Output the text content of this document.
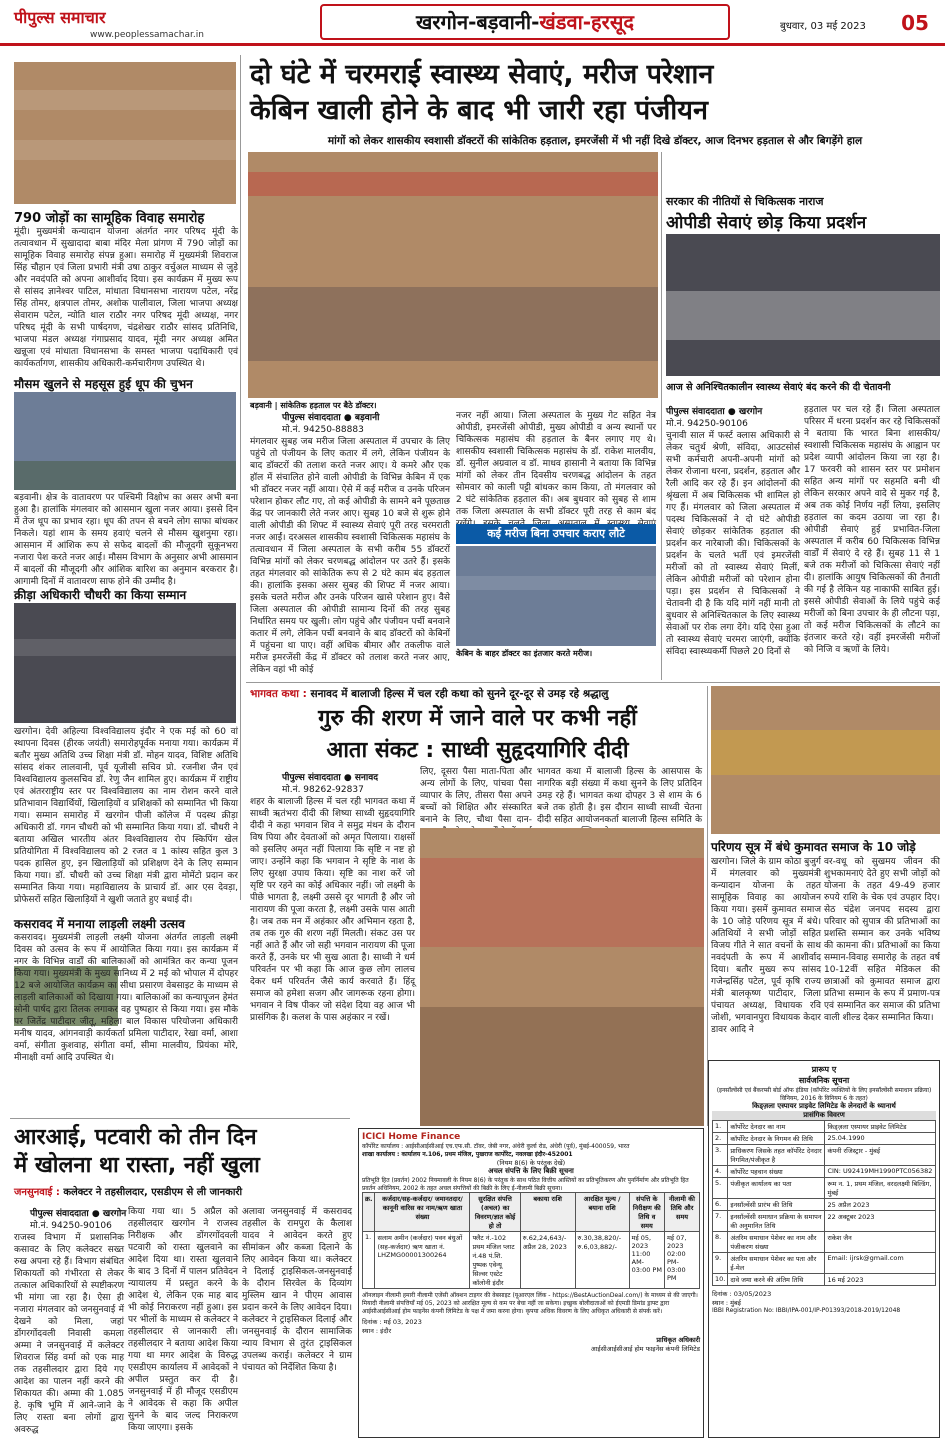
पीपुल्स समाचार
www.peoplessamachar.in
खरगोन-बड़वानी-खंडवा-हरसूद	बुधवार, 03 मई 2023	05
790 जोड़ों का सामूहिक विवाह समारोह
मूंदी। मुख्यमंत्री कन्यादान योजना अंतर्गत नगर परिषद मूंदी के तत्वावधान में सुखादादा बाबा मंदिर मेला प्रांगण में 790 जोड़ों का सामूहिक विवाह समारोह संपन्न हुआ। समारोह में मुख्यमंत्री शिवराज सिंह चौहान एवं जिला प्रभारी मंत्री उषा ठाकुर वर्चुअल माध्यम से जुड़े और नवदंपति को अपना आशीर्वाद दिया। इस कार्यक्रम में मुख्य रूप से सांसद ज्ञानेश्वर पाटिल, मांधाता विधानसभा नारायण पटेल, नरेंद्र सिंह तोमर, क्षत्रपाल तोमर, अशोक पालीवाल, जिला भाजपा अध्यक्ष सेवाराम पटेल, न्योति थाल राठौर नगर परिषद मूंदी अध्यक्ष, नगर परिषद मूंदी के सभी पार्षदगण, चंद्रशेखर राठौर सांसद प्रतिनिधि, भाजपा मंडल अध्यक्ष गंगाप्रसाद यादव, मूंदी नगर अध्यक्ष अमित खन्नूजा एवं मांधाता विधानसभा के समस्त भाजपा पदाधिकारी एवं कार्यकर्तागण, शासकीय अधिकारी-कर्मचारीगण उपस्थित थे।
मौसम खुलने से महसूस हुई धूप की चुभन
बड़वानी। क्षेत्र के वातावरण पर पश्चिमी विक्षोभ का असर अभी बना हुआ है। हालांकि मंगलवार को आसमान खुला नजर आया। इससे दिन में तेज धूप का प्रभाव रहा। धूप की तपन से बचने लोग साफा बांधकर निकले। यहां शाम के समय हवाएं चलने से मौसम खुशनुमा रहा। आसमान में आंशिक रूप से सफेद बादलों की मौजूदगी सुकूनभरा नजारा पेश करते नजर आई। मौसम विभाग के अनुसार अभी आसमान में बादलों की मौजूदगी और आंशिक बारिश का अनुमान बरकरार है। आगामी दिनों में वातावरण साफ होने की उम्मीद है।
क्रीड़ा अधिकारी चौधरी का किया सम्मान
खरगोन। देवी अहिल्या विश्वविद्यालय इंदौर ने एक मई को 60 वां स्थापना दिवस (हीरक जयंती) समारोहपूर्वक मनाया गया। कार्यक्रम में बतौर मुख्य अतिथि उच्च शिक्षा मंत्री डॉ. मोहन यादव, विशिष्ट अतिथि सांसद शंकर लालवानी, पूर्व यूजीसी सचिव प्रो. रजनीश जैन एवं विश्वविद्यालय कुलसचिव डॉ. रेणु जैन शामिल हुए। कार्यक्रम में राष्ट्रीय एवं अंतरराष्ट्रीय स्तर पर विश्वविद्यालय का नाम रोशन करने वाले प्रतिभावान विद्यार्थियों, खिलाड़ियों व प्रशिक्षकों को सम्मानित भी किया गया। सम्मान समारोह में खरगोन पीजी कॉलेज में पदस्थ क्रीड़ा अधिकारी डॉ. गगन चौधरी को भी सम्मानित किया गया। डॉ. चौधरी ने बताया अखिल भारतीय अंतर विश्वविद्यालय रोप स्किपिंग खेल प्रतियोगिता में विश्वविद्यालय को 2 रजत व 1 कांस्य सहित कुल 3 पदक हासिल हुए, इन खिलाड़ियों को प्रशिक्षण देने के लिए सम्मान किया गया। डॉ. चौधरी को उच्च शिक्षा मंत्री द्वारा मोमेंटो प्रदान कर सम्मानित किया गया। महाविद्यालय के प्राचार्य डॉ. आर एस देवड़ा, प्रोफेसरों सहित खिलाड़ियों ने खुशी जताते हुए बधाई दी।
कसरावद में मनाया लाड़ली लक्ष्मी उत्सव
कसरावद। मुख्यमंत्री लाड़ली लक्ष्मी योजना अंतर्गत लाड़ली लक्ष्मी दिवस को उत्सव के रूप में आयोजित किया गया। इस कार्यक्रम में नगर के विभिन्न वार्डों की बालिकाओं को आमंत्रित कर कन्या पूजन किया गया। मुख्यमंत्री के मुख्य सानिध्य में 2 मई को भोपाल में दोपहर 12 बजे आयोजित कार्यक्रम का सीधा प्रसारण वेबसाइट के माध्यम से लाड़ली बालिकाओं को दिखाया गया। बालिकाओं का कन्यापूजन हेमंत सोनी पार्षद द्वारा तिलक लगाकर वह पुष्पहार से किया गया। इस मौके पर जितेंद्र पाटीदार जीतू, महिला बाल विकास परियोजना अधिकारी मनीष यादव, आंगनवाड़ी कार्यकर्ता प्रमिला पाटीदार, रेखा वर्मा, आशा वर्मा, संगीता कुशवाह, संगीता वर्मा, सीमा मालवीय, प्रियंका मोरे, मीनाक्षी वर्मा आदि उपस्थित थे।
दो घंटे में चरमराई स्वास्थ्य सेवाएं, मरीज परेशान
केबिन खाली होने के बाद भी जारी रहा पंजीयन
मांगों को लेकर शासकीय स्वशासी डॉक्टरों की सांकेतिक हड़ताल, इमरजेंसी में भी नहीं दिखे डॉक्टर, आज दिनभर हड़ताल से और बिगड़ेंगे हाल
बड़वानी | सांकेतिक हड़ताल पर बैठे डॉक्टर।
पीपुल्स संवाददाता ● बड़वानी
मो.नं. 94250-88883
मंगलवार सुबह जब मरीज जिला अस्पताल में उपचार के लिए पहुंचे तो पंजीयन के लिए कतार में लगे, लेकिन पंजीयन के बाद डॉक्टरों की तलाश करते नजर आए। ये कमरे और एक हॉल में संचालित होने वाली ओपीडी के विभिन्न केबिन में एक भी डॉक्टर नजर नहीं आया। ऐसे में कई मरीज व उनके परिजन परेशान होकर लौट गए, तो कई ओपीडी के सामने बने पूछताछ केंद्र पर जानकारी लेते नजर आए। सुबह 10 बजे से शुरू होने वाली ओपीडी की शिफ्ट में स्वास्थ्य सेवाएं पूरी तरह चरमराती नजर आईं। दरअसल शासकीय स्वशासी चिकित्सक महासंघ के तत्वावधान में जिला अस्पताल के सभी करीब 55 डॉक्टरों विभिन्न मांगों को लेकर चरणबद्ध आंदोलन पर उतरे हैं। इसके तहत मंगलवार को सांकेतिक रूप से 2 घंटे काम बंद हड़ताल की। हालांकि इसका असर सुबह की शिफ्ट में नजर आया। इसके चलते मरीज और उनके परिजन खासे परेशान हुए। वैसे जिला अस्पताल की ओपीडी सामान्य दिनों की तरह सुबह निर्धारित समय पर खुली। लोग पहुंचे और पंजीयन पर्ची बनवाने कतार में लगे, लेकिन पर्ची बनवाने के बाद डॉक्टरों को केबिनों में पहुंचना था पाए। वहीं अधिक बीमार और तकलीफ वाले मरीज इमरजेंसी केंद्र में डॉक्टर को तलाश करते नजर आए, लेकिन वहां भी कोई
नजर नहीं आया। जिला अस्पताल के मुख्य गेट सहित नेत्र ओपीडी, इमरजेंसी ओपीडी, मुख्य ओपीडी व अन्य स्थानों पर चिकित्सक महासंघ की हड़ताल के बैनर लगाए गए थे। शासकीय स्वशासी चिकित्सक महासंघ के डॉ. राकेश मालवीय, डॉ. सुनील अग्रवाल व डॉ. माधव हासानी ने बताया कि विभिन्न मांगों को लेकर तीन दिवसीय चरणबद्ध आंदोलन के तहत सोमवार को काली पट्टी बांधकर काम किया, तो मंगलवार को 2 घंटे सांकेतिक हड़ताल की। अब बुधवार को सुबह से शाम तक जिला अस्पताल के सभी डॉक्टर पूरी तरह से काम बंद
कई मरीज बिना उपचार कराए लौटे
केबिन के बाहर डॉक्टर का इंतजार करते मरीज।
सरकार की नीतियों से चिकित्सक नाराज
ओपीडी सेवाएं छोड़ किया प्रदर्शन
आज से अनिश्चितकालीन स्वास्थ्य सेवाएं बंद करने की दी चेतावनी
पीपुल्स संवाददाता ● खरगोन
मो.नं. 94250-90106
चुनावी साल में फर्स्ट क्लास अधिकारी से लेकर चतुर्थ श्रेणी, संविदा, आउटसोर्स सभी कर्मचारी अपनी-अपनी मांगों को लेकर रोजाना धरना, प्रदर्शन, हड़ताल और रैली आदि कर रहे हैं। इन आंदोलनों की श्रृंखला में अब चिकित्सक भी शामिल हो गए हैं। मंगलवार को जिला अस्पताल में पदस्थ चिकित्सकों ने दो घंटे ओपीडी सेवाएं छोड़कर सांकेतिक हड़ताल की प्रदर्शन कर नारेबाजी की। चिकित्सकों के प्रदर्शन के चलते भर्ती एवं इमरजेंसी मरीजों को तो स्वास्थ्य सेवाएं मिलीं, लेकिन ओपीडी मरीजों को परेशान होना पड़ा। इस प्रदर्शन से चिकित्सकों ने चेतावनी दी है कि यदि मांगें नहीं मानी तो बुधवार से अनिश्चितकाल के लिए स्वास्थ्य सेवाओं पर रोक लगा देंगे। यदि ऐसा हुआ तो स्वास्थ्य सेवाएं चरमरा जाएंगी, क्योंकि संविदा स्वास्थ्यकर्मी पिछले 20 दिनों से
हड़ताल पर चल रहे हैं। जिला अस्पताल परिसर में धरना प्रदर्शन कर रहे चिकित्सकों ने बताया कि भारत बिना शासकीय/ स्वशासी चिकित्सक महासंघ के आह्वान पर प्रदेश व्यापी आंदोलन किया जा रहा है। 17 फरवरी को शासन स्तर पर प्रमोशन सहित अन्य मांगों पर सहमति बनी थी लेकिन सरकार अपने वादे से मुकर गई है, अब तक कोई निर्णय नहीं लिया, इसलिए हड़ताल का कदम उठाया जा रहा है। ओपीडी सेवाएं हुई प्रभावित-जिला अस्पताल में करीब 60 चिकित्सक विभिन्न वार्डों में सेवाएं दे रहे हैं। सुबह 11 से 1 बजे तक मरीजों को चिकित्सा सेवाएं नहीं दी। हालांकि आयुष चिकित्सकों की तैनाती की गई है लेकिन यह नाकाफी साबित हुई। इससे ओपीडी सेवाओं के लिये पहुंचे कई मरीजों को बिना उपचार के ही लौटना पड़ा, तो कई मरीज चिकित्सकों के लौटने का इंतजार करते रहे। वहीं इमरजेंसी मरीजों को निजि व ऋणों के लिये।
भागवत कथा : सनावद में बालाजी हिल्स में चल रही कथा को सुनने दूर-दूर से उमड़ रहे श्रद्धालु
गुरु की शरण में जाने वाले पर कभी नहीं
आता संकट : साध्वी सुहृदयागिरि दीदी
पीपुल्स संवाददाता ● सनावद
मो.नं. 98262-92837
शहर के बालाजी हिल्स में चल रही भागवत कथा में साध्वी ऋतंभरा दीदी की शिष्या साध्वी सुहृदयागिरि दीदी ने कहा भगवान शिव ने समुद्र मंथन के दौरान विष पिया और देवताओं को अमृत पिलाया। राक्षसों को इसलिए अमृत नहीं पिलाया कि सृष्टि न नष्ट हो जाए। उन्होंने कहा कि भगवान ने सृष्टि के नाश के लिए सुरक्षा उपाय किया। सृष्टि का नाश करें जो सृष्टि पर रहने का कोई अधिकार नहीं। जो लक्ष्मी के पीछे भागता है, लक्ष्मी उससे दूर भागती है और जो नारायण की पूजा करता है, लक्ष्मी उसके पास आती है। जब तक मन में अहंकार और अभिमान रहता है, तब तक गुरु की शरण नहीं मिलती। संकट उस पर नहीं आते हैं और जो सही भगवान नारायण की पूजा करते हैं, उनके घर भी सुख आता है। साध्वी ने धर्म परिवर्तन पर भी कहा कि आज कुछ लोग लालच देकर धर्म परिवर्तन जैसे कार्य करवाते हैं। हिंदू समाज को हमेशा सजग और जागरूक रहना होगा। भगवान ने विष पीकर जो संदेश दिया वह आज भी प्रासंगिक है। कलश के पास अहंकार न रखें।
लिए, दूसरा पैसा माता-पिता और अन्य लोगों के लिए, पांचवा पैसा व्यापार के लिए, तीसरा पैसा अपने बच्चों को शिक्षित और संस्कारित बनाने के लिए, चौथा पैसा दान-
भागवत कथा में बालाजी हिल्स के आसपास के नागरिक बड़ी संख्या में कथा सुनने के लिए प्रतिदिन उमड़ रहे हैं। भागवत कथा दोपहर 3 से शाम के 6 बजे तक होती है। इस दौरान साध्वी साध्वी चेतना दीदी सहित आयोजनकर्ता बालाजी हिल्स समिति के
परिणय सूत्र में बंधे कुमावत समाज के 10 जोड़े
खरगोन। जिले के ग्राम कोठा बुजुर्ग में मंगलवार को मुख्यमंत्री कन्यादान योजना के तहत सामूहिक विवाह का आयोजन किया गया। इसमें कुमावत समाज के 10 जोड़े परिणय सूत्र में बंधे। अतिथियों ने सभी जोड़ों सहित विजय गीते ने सात वचनों के साथ नवदंपती के रूप में आशीर्वाद दिया। बतौर मुख्य रूप सांसद गजेन्द्रसिंह पटेल, पूर्व कृषि राज्य मंत्री बालकृष्ण पाटीदार, जिला पंचायत अध्यक्ष, विधायक रवि जोशी, भगवानपुरा विधायक केदार डावर आदि ने
वर-वधू को सुखमय जीवन की शुभकामनाएं देते हुए सभी जोड़ों को योजना के तहत 49-49 हजार रुपये राशि के चेक एवं उपहार दिए। सेठ चंद्रेश जनपद सदस्य द्वारा परिवार को सुपात्र की प्रतिभाओं का प्रशस्ति सम्मान कर उनके भविष्य की कामना की। प्रतिभाओं का किया सम्मान-विवाह समारोह के तहत वर्ष 10-12वीं सहित मेडिकल की छात्राओं को कुमावत समाज द्वारा प्रतिभा सम्मान के रूप में प्रमाण-पत्र एवं सम्मानित कर समाज की प्रतिभा वाली शील्ड देकर सम्मानित किया।
प्रारूप ए
सार्वजनिक सूचना
(इनसॉल्वेंसी एवं बैंकरप्सी बोर्ड ऑफ इंडिया (कॉर्पोरेट व्यक्तियों के लिए इनसॉल्वेंसी समाधान प्रक्रिया) विनियम, 2016 के विनियम 6 के तहत)
किड्ज़ला एस्पायर प्राइवेट लिमिटेड के लेनदारों के ध्यानार्थ
प्रासंगिक विवरण
1.	कॉर्पोरेट देनदार का नाम	किड्ज़ला एस्पायर प्राइवेट लिमिटेड
2.	कॉर्पोरेट देनदार के निगमन की तिथि	25.04.1990
3.	प्राधिकरण जिसके तहत कॉर्पोरेट देनदार निगमित/पंजीकृत है	कंपनी रजिस्ट्रार - मुंबई
4.	कॉर्पोरेट पहचान संख्या	CIN: U92419MH1990PTC056382
5.	पंजीकृत कार्यालय का पता	रूम न. 1, प्रथम मंजिल, वरदलक्ष्मी बिल्डिंग, मुंबई
6.	इनसॉल्वेंसी प्रारंभ की तिथि	25 अप्रैल 2023
7.	इनसॉल्वेंसी समाधान प्रक्रिया के समापन की अनुमानित तिथि	22 अक्टूबर 2023
8.	अंतरिम समाधान पेशेवर का नाम और पंजीकरण संख्या	राकेश जैन
9.	अंतरिम समाधान पेशेवर का पता और ई-मेल	Email: ijrsk@gmail.com
10.	दावे जमा करने की अंतिम तिथि	16 मई 2023
दिनांक : 03/05/2023
स्थान : मुंबई
IBBI Registration No: IBBI/IPA-001/IP-P01393/2018-2019/12048
आरआई, पटवारी को तीन दिन
में खोलना था रास्ता, नहीं खुला
जनसुनवाई : कलेक्टर ने तहसीलदार, एसडीएम से ली जानकारी
पीपुल्स संवाददाता ● खरगोन
मो.नं. 94250-90106
राजस्व विभाग में प्रशासनिक कसावट के लिए कलेक्टर सख्त रुख अपना रहे हैं। विभाग संबंधित शिकायतों को गंभीरता से लेकर तत्काल अधिकारियों से स्पष्टीकरण भी मांगा जा रहा है। ऐसा ही नजारा मंगलवार को जनसुनवाई में देखने को मिला, जहां डोंगरगोंदवली निवासी कमला अम्मा ने जनसुनवाई में कलेक्टर शिवराज सिंह वर्मा को एक माह तक तहसीलदार द्वारा दिये गए आदेश का पालन नहीं करने की शिकायत की। अम्मा की 1.085 हे. कृषि भूमि में आने-जाने के लिए रास्ता बना लोगों द्वारा अवरुद्ध
किया गया था। 5 अप्रैल को तहसीलदार खरगोन ने राजस्व निरीक्षक और डोंगरगोंदवली पटवारी को रास्ता खुलवाने का आदेश दिया था। रास्ता खुलवाने के बाद 3 दिनों में पालन प्रतिवेदन न्यायालय में प्रस्तुत करने के आदेश थे, लेकिन एक माह बाद भी कोई निराकरण नहीं हुआ। इस पर भीलों के माध्यम से कलेक्टर ने तहसीलदार से जानकारी ली। तहसीलदार ने बताया आदेश किया गया था मगर आदेश के विरुद्ध एसडीएम कार्यालय में आवेदकों ने अपील प्रस्तुत कर दी है। जनसुनवाई में ही मौजूद एसडीएम ने आवेदक से कहा कि अपील सुनने के बाद जल्द निराकरण किया जाएगा। इसके
अलावा जनसुनवाई में कसरावद तहसील के रामपुरा के कैलाश यादव ने आवेदन करते हुए सीमांकन और कब्जा दिलाने के लिए आवेदन किया था। कलेक्टर ने दिलाई ट्राइसिकल-जनसुनवाई के दौरान सिरवेल के दिव्यांग मुस्लिम खान ने पीएम आवास प्रदान करने के लिए आवेदन दिया। कलेक्टर ने ट्राइसिकल दिलाई और जनसुनवाई के दौरान सामाजिक न्याय विभाग से तुरंत ट्राइसिकल उपलब्ध कराई। कलेक्टर ने ग्राम पंचायत को निर्देशित किया है।
ICICI Home Finance
कॉर्पोरेट कार्यालय : आईसीआईसीआई एच.एफ.सी. टॉवर, जेबी नगर, अंधेरी कुर्ला रोड, अंधेरी (पूर्व), मुंबई-400059, भारत
शाखा कार्यालय : कार्यालय न.106, प्रथम मंजिल, पुखराज कार्पोरेट, नवलखा इंदौर-452001
(नियम 8(6) के परंतुक देखें)
अचल संपत्ति के लिए बिक्री सूचना
प्रतिभूति हित (प्रवर्तन) 2002 नियमावली के नियम 8(6) के परंतुक के साथ पठित वित्तीय आस्तियों का प्रतिभूतिकरण और पुनर्निर्माण और प्रतिभूति हित प्रवर्तन अधिनियम, 2002 के तहत अचल संपत्तियों की बिक्री के लिए ई-नीलामी बिक्री सूचना।
क्र.	कर्जदार/सह-कर्जदार/ जमानतदार/कानूनी वारिस का नाम/ऋण खाता संख्या	सुरक्षित संपत्ति (अचल) का विवरण/ज्ञात कोई हो तो	बकाया राशि	आरक्षित मूल्य / बयाना राशि	संपत्ति के निरीक्षण की तिथि व समय	नीलामी की तिथि और समय
1.	सलाम अमीन (कर्जदार) पवन बंधुओं (सह-कर्जदार) ऋण खाता नं. LHZMG00001300264	फ्लैट नं.-102 प्रथम मंजिल प्लाट नं.48 पं.शि. पुष्पक एवेन्यू सिल्वर एस्टेट कॉलोनी इंदौर	रु.62,24,643/- अप्रैल 28, 2023	रु.30,38,820/- रु.6,03,882/-	मई 05, 2023 11:00 AM-03:00 PM	मई 07, 2023 02:00 PM-03:00 PM
ऑनलाइन नीलामी हमारी नीलामी एजेंसी ऑक्शन टाइगर की वेबसाइट (यूआरएल लिंक - https://BestAuctionDeal.com/) के माध्यम से की जाएगी। मियादी नीलामी संपत्तियाँ मई 05, 2023 को आरक्षित मूल्य से कम पर बेचा नहीं जा सकेगा। इच्छुक बोलीदाताओं को ईएमडी डिमांड ड्राफ्ट द्वारा आईसीआईसीआई होम फाइनेंस कंपनी लिमिटेड के पक्ष में जमा करना होगा। कृपया अधिक विवरण के लिए अधिकृत अधिकारी से संपर्क करें।
दिनांक : मई 03, 2023
स्थान : इंदौर
प्राधिकृत अधिकारी
आईसीआईसीआई होम फाइनेंस कंपनी लिमिटेड
